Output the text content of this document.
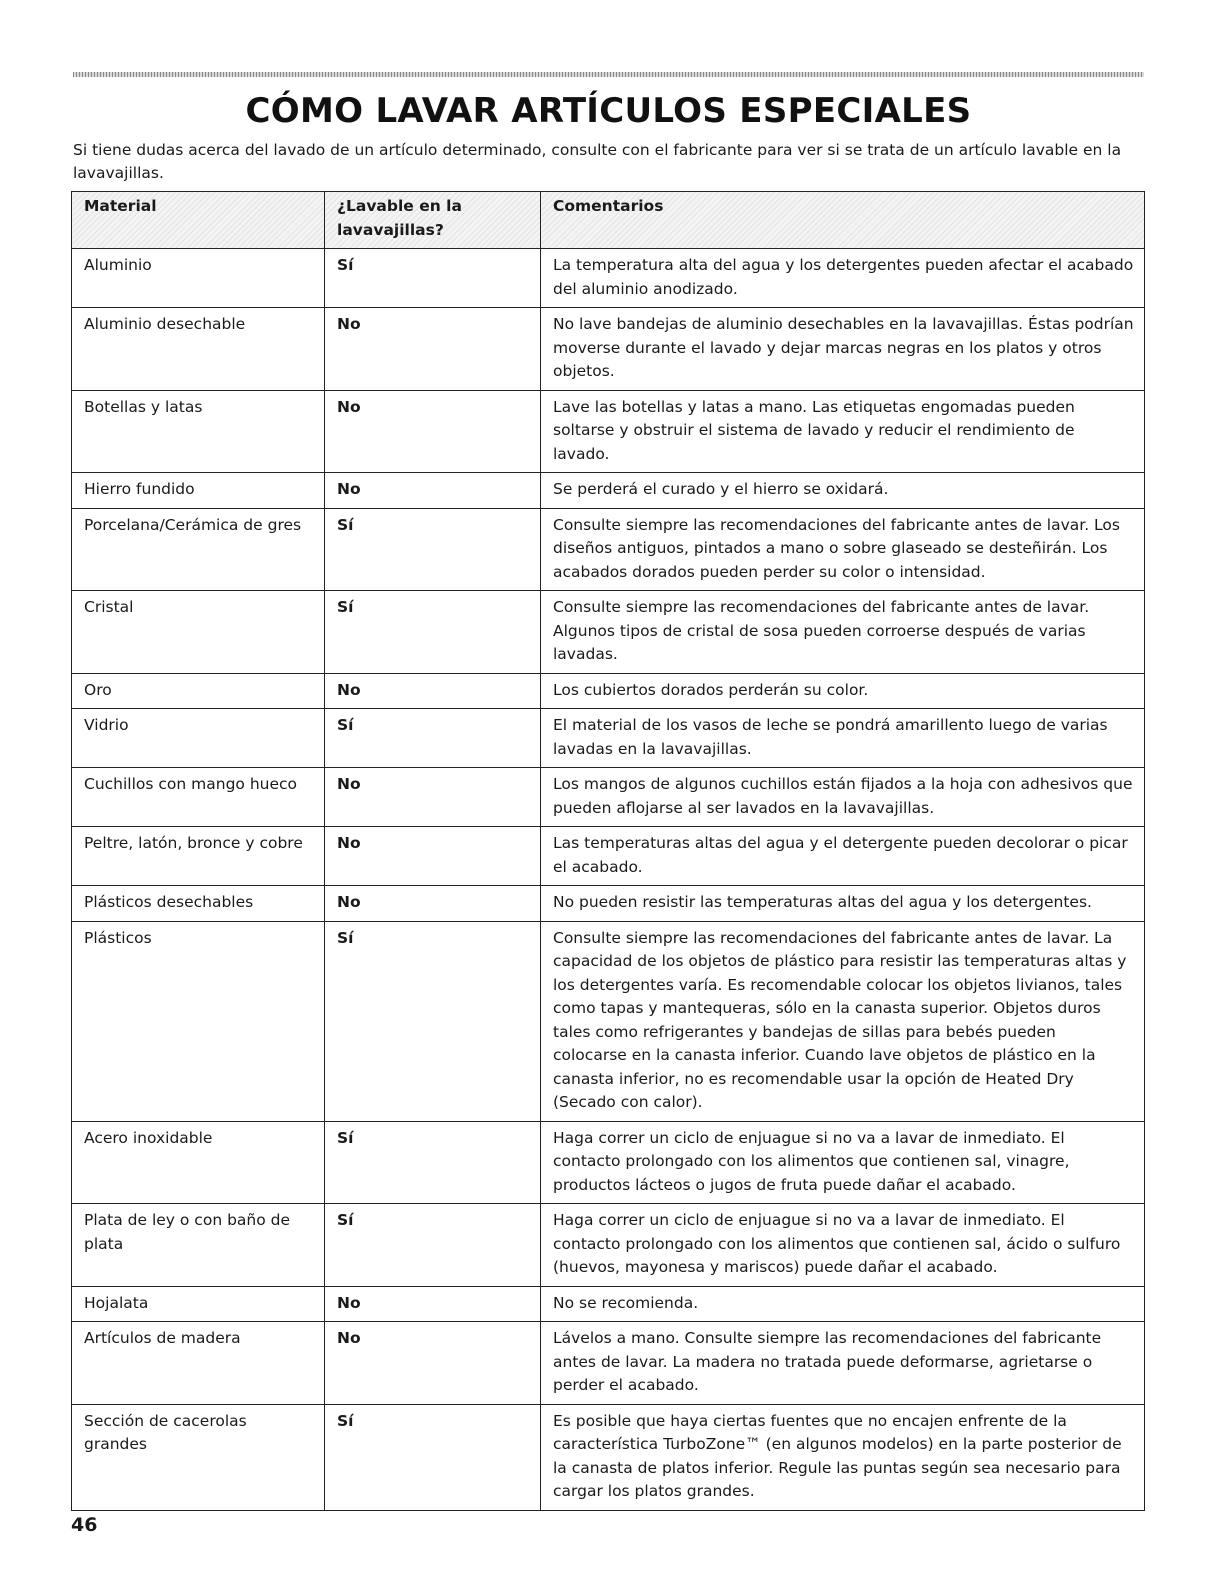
CÓMO LAVAR ARTÍCULOS ESPECIALES

Si tiene dudas acerca del lavado de un artículo determinado, consulte con el fabricante para ver si se trata de un artículo lavable en la lavavajillas.

Material	¿Lavable en la lavavajillas?	Comentarios
Aluminio	Sí	La temperatura alta del agua y los detergentes pueden afectar el acabado del aluminio anodizado.
Aluminio desechable	No	No lave bandejas de aluminio desechables en la lavavajillas. Éstas podrían moverse durante el lavado y dejar marcas negras en los platos y otros objetos.
Botellas y latas	No	Lave las botellas y latas a mano. Las etiquetas engomadas pueden soltarse y obstruir el sistema de lavado y reducir el rendimiento de lavado.
Hierro fundido	No	Se perderá el curado y el hierro se oxidará.
Porcelana/Cerámica de gres	Sí	Consulte siempre las recomendaciones del fabricante antes de lavar. Los diseños antiguos, pintados a mano o sobre glaseado se desteñirán. Los acabados dorados pueden perder su color o intensidad.
Cristal	Sí	Consulte siempre las recomendaciones del fabricante antes de lavar. Algunos tipos de cristal de sosa pueden corroerse después de varias lavadas.
Oro	No	Los cubiertos dorados perderán su color.
Vidrio	Sí	El material de los vasos de leche se pondrá amarillento luego de varias lavadas en la lavavajillas.
Cuchillos con mango hueco	No	Los mangos de algunos cuchillos están fijados a la hoja con adhesivos que pueden aflojarse al ser lavados en la lavavajillas.
Peltre, latón, bronce y cobre	No	Las temperaturas altas del agua y el detergente pueden decolorar o picar el acabado.
Plásticos desechables	No	No pueden resistir las temperaturas altas del agua y los detergentes.
Plásticos	Sí	Consulte siempre las recomendaciones del fabricante antes de lavar. La capacidad de los objetos de plástico para resistir las temperaturas altas y los detergentes varía. Es recomendable colocar los objetos livianos, tales como tapas y mantequeras, sólo en la canasta superior. Objetos duros tales como refrigerantes y bandejas de sillas para bebés pueden colocarse en la canasta inferior. Cuando lave objetos de plástico en la canasta inferior, no es recomendable usar la opción de Heated Dry (Secado con calor).
Acero inoxidable	Sí	Haga correr un ciclo de enjuague si no va a lavar de inmediato. El contacto prolongado con los alimentos que contienen sal, vinagre, productos lácteos o jugos de fruta puede dañar el acabado.
Plata de ley o con baño de plata	Sí	Haga correr un ciclo de enjuague si no va a lavar de inmediato. El contacto prolongado con los alimentos que contienen sal, ácido o sulfuro (huevos, mayonesa y mariscos) puede dañar el acabado.
Hojalata	No	No se recomienda.
Artículos de madera	No	Lávelos a mano. Consulte siempre las recomendaciones del fabricante antes de lavar. La madera no tratada puede deformarse, agrietarse o perder el acabado.
Sección de cacerolas grandes	Sí	Es posible que haya ciertas fuentes que no encajen enfrente de la característica TurboZone™ (en algunos modelos) en la parte posterior de la canasta de platos inferior. Regule las puntas según sea necesario para cargar los platos grandes.

46
